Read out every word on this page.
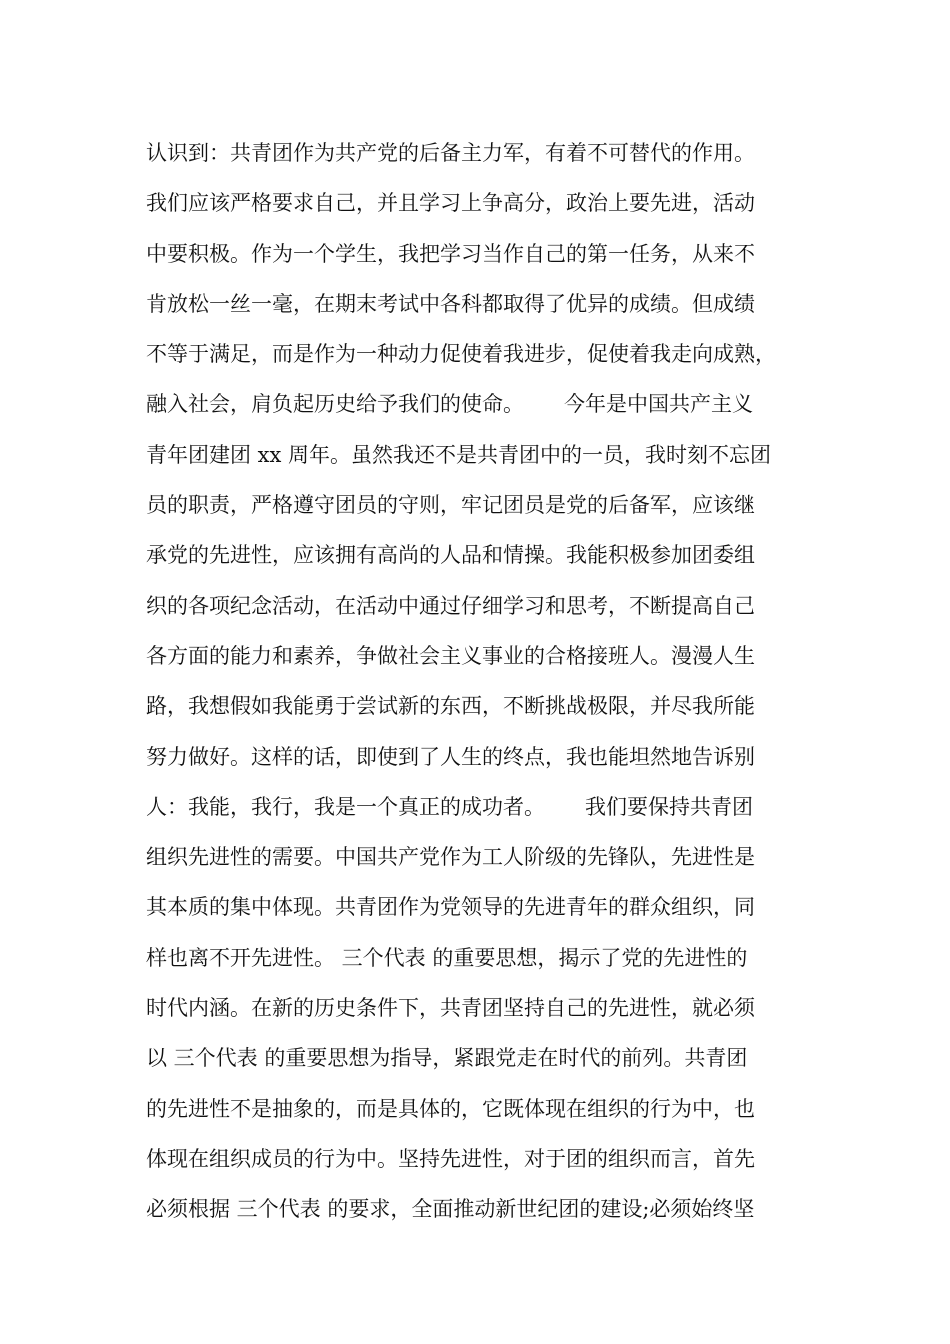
认识到：共青团作为共产党的后备主力军，有着不可替代的作用。
我们应该严格要求自己，并且学习上争高分，政治上要先进，活动
中要积极。作为一个学生，我把学习当作自己的第一任务，从来不
肯放松一丝一毫，在期末考试中各科都取得了优异的成绩。但成绩
不等于满足，而是作为一种动力促使着我进步，促使着我走向成熟，
融入社会，肩负起历史给予我们的使命。      今年是中国共产主义
青年团建团 xx 周年。虽然我还不是共青团中的一员，我时刻不忘团
员的职责，严格遵守团员的守则，牢记团员是党的后备军，应该继
承党的先进性，应该拥有高尚的人品和情操。我能积极参加团委组
织的各项纪念活动，在活动中通过仔细学习和思考，不断提高自己
各方面的能力和素养，争做社会主义事业的合格接班人。漫漫人生
路，我想假如我能勇于尝试新的东西，不断挑战极限，并尽我所能
努力做好。这样的话，即使到了人生的终点，我也能坦然地告诉别
人：我能，我行，我是一个真正的成功者。      我们要保持共青团
组织先进性的需要。中国共产党作为工人阶级的先锋队，先进性是
其本质的集中体现。共青团作为党领导的先进青年的群众组织，同
样也离不开先进性。 三个代表 的重要思想，揭示了党的先进性的
时代内涵。在新的历史条件下，共青团坚持自己的先进性，就必须
以 三个代表 的重要思想为指导，紧跟党走在时代的前列。共青团
的先进性不是抽象的，而是具体的，它既体现在组织的行为中，也
体现在组织成员的行为中。坚持先进性，对于团的组织而言，首先
必须根据 三个代表 的要求，全面推动新世纪团的建设;必须始终坚
